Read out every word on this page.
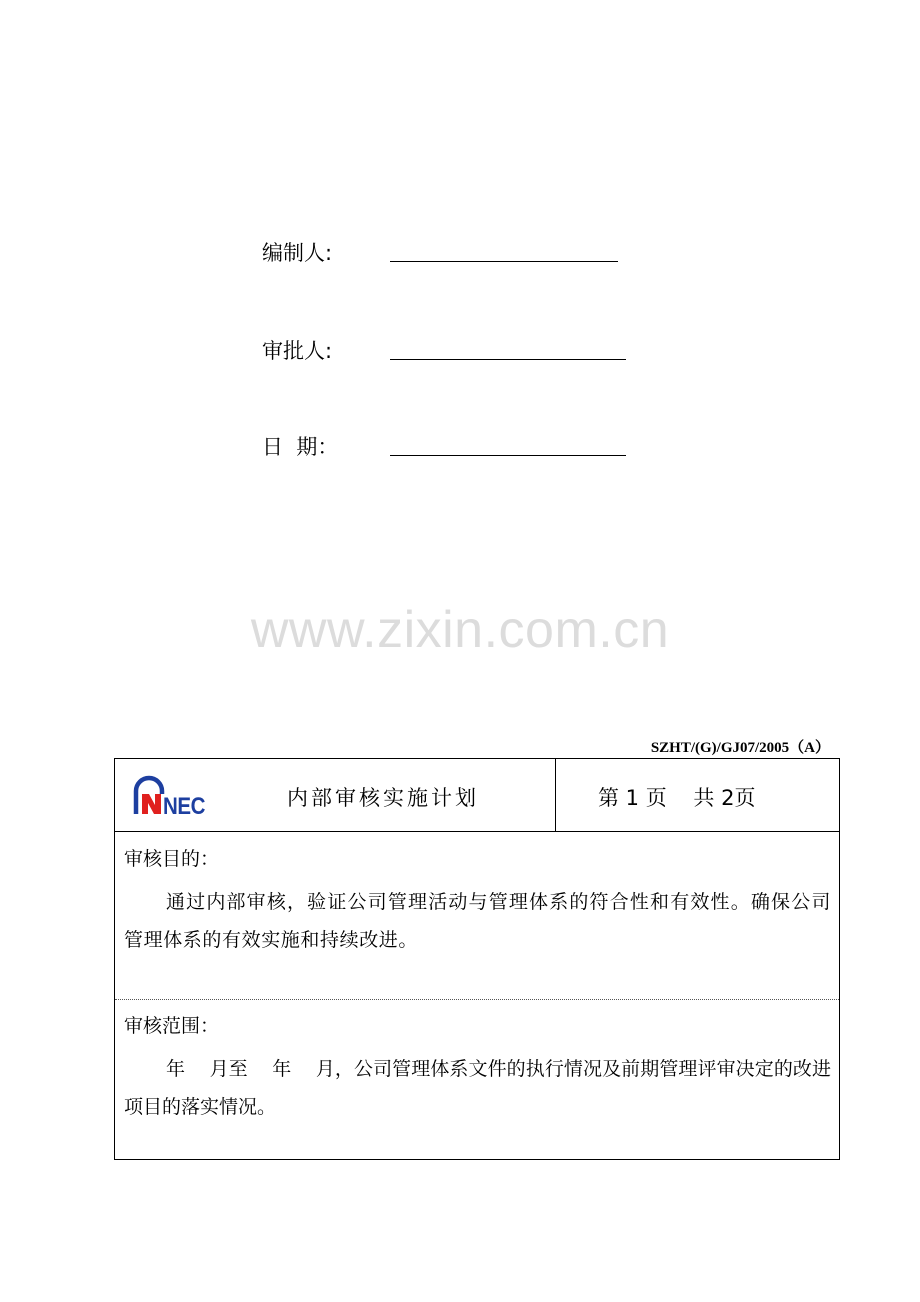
编制人:
审批人:
日  期：
www.zixin.com.cn
SZHT/(G)/GJ07/2005（A）
NEC	内部审核实施计划	第 1 页    共 2页
审核目的：
通过内部审核，验证公司管理活动与管理体系的符合性和有效性。确保公司管理体系的有效实施和持续改进。
审核范围：
年    月至    年    月，公司管理体系文件的执行情况及前期管理评审决定的改进项目的落实情况。
